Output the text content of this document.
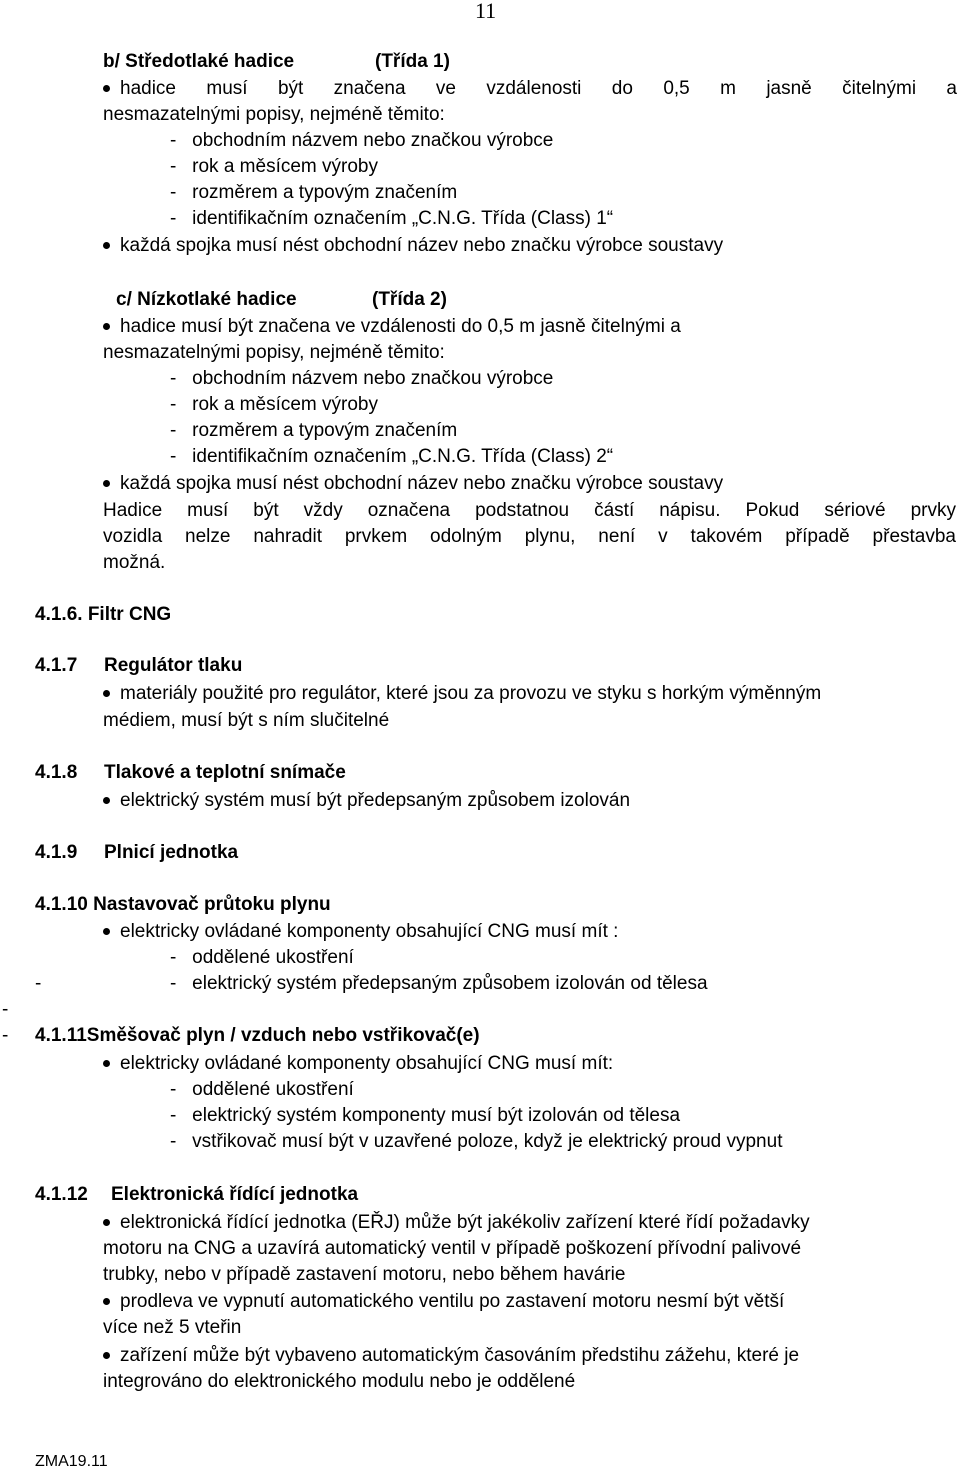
11
b/ Středotlaké hadice	(Třída 1)
hadice musí být značena ve vzdálenosti do 0,5 m jasně čitelnými a
nesmazatelnými popisy, nejméně těmito:
-   obchodním názvem nebo značkou výrobce
-   rok a měsícem výroby
-   rozměrem a typovým značením
-   identifikačním označením „C.N.G. Třída (Class) 1“
každá spojka musí nést obchodní název nebo značku výrobce soustavy
c/ Nízkotlaké hadice	(Třída 2)
hadice musí být značena ve vzdálenosti do 0,5 m jasně čitelnými a
nesmazatelnými popisy, nejméně těmito:
-   obchodním názvem nebo značkou výrobce
-   rok a měsícem výroby
-   rozměrem a typovým značením
-   identifikačním označením „C.N.G. Třída (Class) 2“
každá spojka musí nést obchodní název nebo značku výrobce soustavy
Hadice musí být vždy označena podstatnou částí nápisu. Pokud sériové prvky
vozidla nelze nahradit prvkem odolným plynu, není v takovém případě přestavba
možná.
4.1.6. Filtr CNG
4.1.7 Regulátor tlaku
materiály použité pro regulátor, které jsou za provozu ve styku s horkým výměnným
médiem, musí být s ním slučitelné
4.1.8 Tlakové a teplotní snímače
elektrický systém musí být předepsaným způsobem izolován
4.1.9 Plnicí jednotka
4.1.10 Nastavovač průtoku plynu
elektricky ovládané komponenty obsahující CNG musí mít :
-   oddělené ukostření
-	-   elektrický systém předepsaným způsobem izolován od tělesa
-
- 4.1.11Směšovač plyn / vzduch nebo vstřikovač(e)
elektricky ovládané komponenty obsahující CNG musí mít:
-   oddělené ukostření
-   elektrický systém komponenty musí být izolován od tělesa
-   vstřikovač musí být v uzavřené poloze, když je elektrický proud vypnut
4.1.12 Elektronická řídící jednotka
elektronická řídící jednotka (EŘJ) může být jakékoliv zařízení které řídí požadavky
motoru na CNG a uzavírá automatický ventil v případě poškození přívodní palivové
trubky, nebo v případě zastavení motoru, nebo během havárie
prodleva ve vypnutí automatického ventilu po zastavení motoru nesmí být větší
více než 5 vteřin
zařízení může být vybaveno automatickým časováním předstihu zážehu, které je
integrováno do elektronického modulu nebo je oddělené
ZMA19.11
